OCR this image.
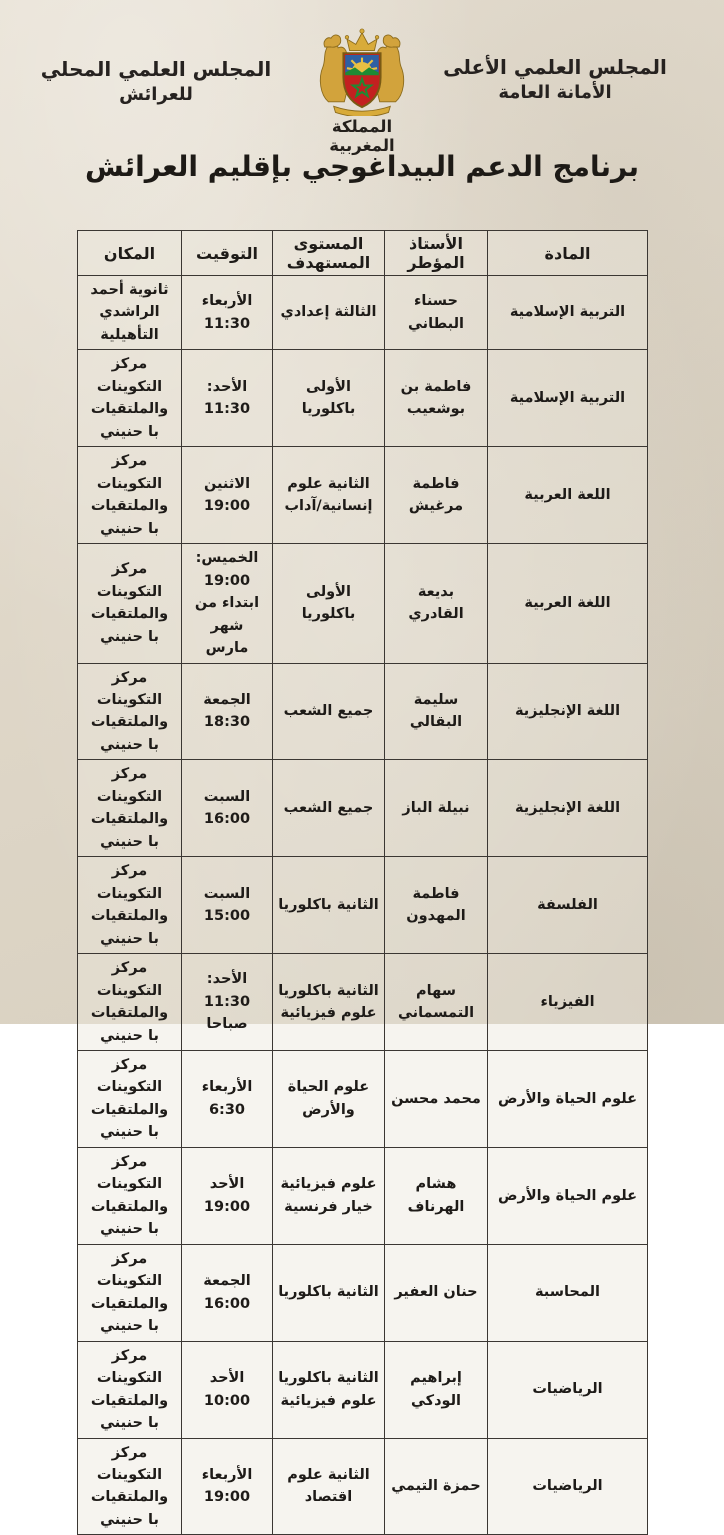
المجلس العلمي الأعلى
الأمانة العامة
المملكة المغربية
المجلس العلمي المحلي
للعرائش
برنامج الدعم البيداغوجي بإقليم العرائش
المادة	الأستاذ المؤطر	المستوى المستهدف	التوقيت	المكان
التربية الإسلامية	حسناء البطاني	الثالثة إعدادي	الأربعاء 11:30	ثانوية أحمد الراشدي التأهيلية
التربية الإسلامية	فاطمة بن بوشعيب	الأولى باكلوريا	الأحد: 11:30	مركز التكوينات والملتقيات با حنيني
اللعة العربية	فاطمة مرغيش	الثانية علوم إنسانية/آداب	الاثنين 19:00	مركز التكوينات والملتقيات با حنيني
اللغة العربية	بديعة القادري	الأولى باكلوريا	الخميس: 19:00 ابتداء من شهر مارس	مركز التكوينات والملتقيات با حنيني
اللغة الإنجليزية	سليمة البقالي	جميع الشعب	الجمعة 18:30	مركز التكوينات والملتقيات با حنيني
اللغة الإنجليزية	نبيلة الباز	جميع الشعب	السبت 16:00	مركز التكوينات والملتقيات با حنيني
الفلسفة	فاطمة المهدون	الثانية باكلوريا	السبت 15:00	مركز التكوينات والملتقيات با حنيني
الفيزياء	سهام التمسماني	الثانية باكلوريا علوم فيزيائية	الأحد: 11:30 صباحا	مركز التكوينات والملتقيات با حنيني
علوم الحياة والأرض	محمد محسن	علوم الحياة والأرض	الأربعاء 6:30	مركز التكوينات والملتقيات با حنيني
علوم الحياة والأرض	هشام الهرناف	علوم فيزيائية خيار فرنسية	الأحد 19:00	مركز التكوينات والملتقيات با حنيني
المحاسبة	حنان العفير	الثانية باكلوريا	الجمعة 16:00	مركز التكوينات والملتقيات با حنيني
الرياضيات	إبراهيم الودكي	الثانية باكلوريا علوم فيزيائية	الأحد 10:00	مركز التكوينات والملتقيات با حنيني
الرياضيات	حمزة التيمي	الثانية علوم اقتصاد	الأربعاء 19:00	مركز التكوينات والملتقيات با حنيني
